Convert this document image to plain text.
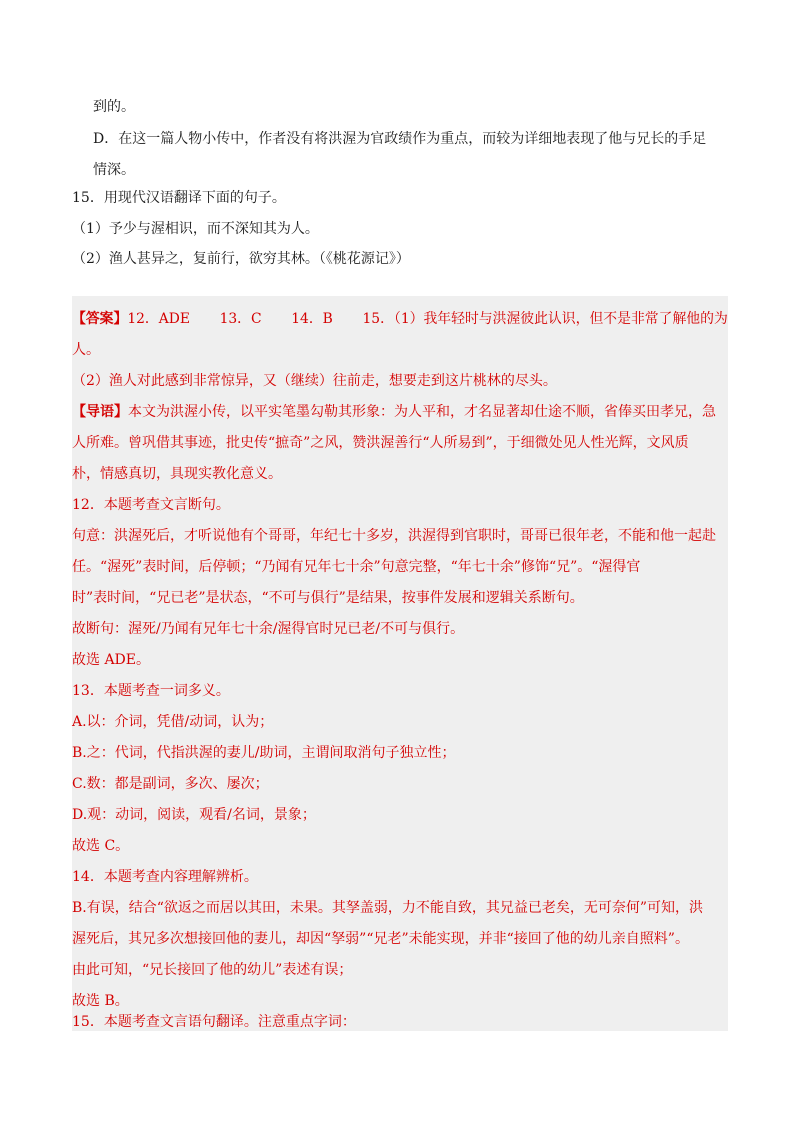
到的。
D．在这一篇人物小传中，作者没有将洪渥为官政绩作为重点，而较为详细地表现了他与兄长的手足
情深。
15．用现代汉语翻译下面的句子。
（1）予少与渥相识，而不深知其为人。
（2）渔人甚异之，复前行，欲穷其林。（《桃花源记》）
【答案】12．ADE 13．C 14．B 15．（1）我年轻时与洪渥彼此认识，但不是非常了解他的为
人。
（2）渔人对此感到非常惊异，又（继续）往前走，想要走到这片桃林的尽头。
【导语】本文为洪渥小传，以平实笔墨勾勒其形象：为人平和，才名显著却仕途不顺，省俸买田孝兄，急
人所难。曾巩借其事迹，批史传“摭奇”之风，赞洪渥善行“人所易到”，于细微处见人性光辉，文风质
朴，情感真切，具现实教化意义。
12．本题考查文言断句。
句意：洪渥死后，才听说他有个哥哥，年纪七十多岁，洪渥得到官职时，哥哥已很年老，不能和他一起赴
任。“渥死”表时间，后停顿；“乃闻有兄年七十余”句意完整，“年七十余”修饰“兄”。“渥得官
时”表时间，“兄已老”是状态，“不可与俱行”是结果，按事件发展和逻辑关系断句。
故断句：渥死/乃闻有兄年七十余/渥得官时兄已老/不可与俱行。
故选 ADE。
13．本题考查一词多义。
A.以：介词，凭借/动词，认为；
B.之：代词，代指洪渥的妻儿/助词，主谓间取消句子独立性；
C.数：都是副词，多次、屡次；
D.观：动词，阅读，观看/名词，景象；
故选 C。
14．本题考查内容理解辨析。
B.有误，结合“欲返之而居以其田，未果。其孥盖弱，力不能自致，其兄益已老矣，无可奈何”可知，洪
渥死后，其兄多次想接回他的妻儿，却因“孥弱”“兄老”未能实现，并非“接回了他的幼儿亲自照料”。
由此可知，“兄长接回了他的幼儿”表述有误；
故选 B。
15．本题考查文言语句翻译。注意重点字词：
